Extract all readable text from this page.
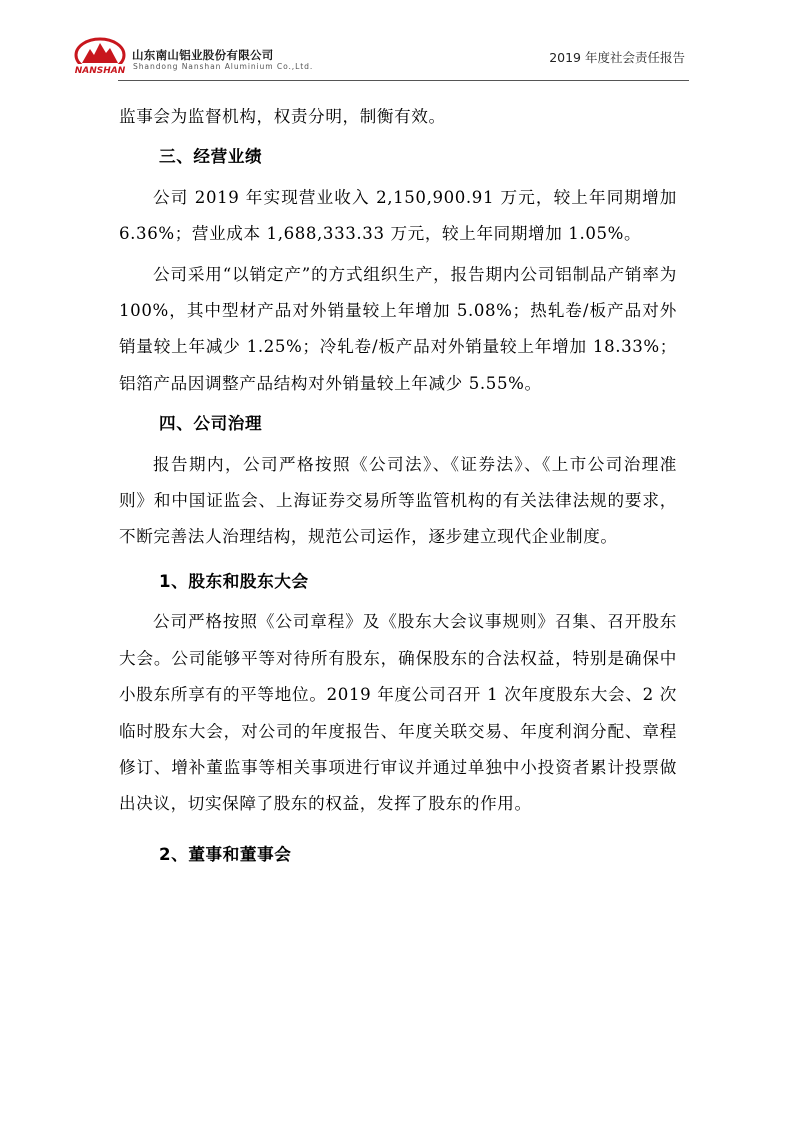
NANSHAN
山东南山铝业股份有限公司
Shandong Nanshan Aluminium Co.,Ltd.
2019 年度社会责任报告

监事会为监督机构，权责分明，制衡有效。

三、经营业绩

公司 2019 年实现营业收入 2,150,900.91 万元，较上年同期增加 6.36%；营业成本 1,688,333.33 万元，较上年同期增加 1.05%。

公司采用“以销定产”的方式组织生产，报告期内公司铝制品产销率为 100%，其中型材产品对外销量较上年增加 5.08%；热轧卷/板产品对外销量较上年减少 1.25%；冷轧卷/板产品对外销量较上年增加 18.33%；铝箔产品因调整产品结构对外销量较上年减少 5.55%。

四、公司治理

报告期内，公司严格按照《公司法》、《证券法》、《上市公司治理准则》和中国证监会、上海证券交易所等监管机构的有关法律法规的要求，不断完善法人治理结构，规范公司运作，逐步建立现代企业制度。

1、股东和股东大会

公司严格按照《公司章程》及《股东大会议事规则》召集、召开股东大会。公司能够平等对待所有股东，确保股东的合法权益，特别是确保中小股东所享有的平等地位。2019 年度公司召开 1 次年度股东大会、2 次临时股东大会，对公司的年度报告、年度关联交易、年度利润分配、章程修订、增补董监事等相关事项进行审议并通过单独中小投资者累计投票做出决议，切实保障了股东的权益，发挥了股东的作用。

2、董事和董事会
